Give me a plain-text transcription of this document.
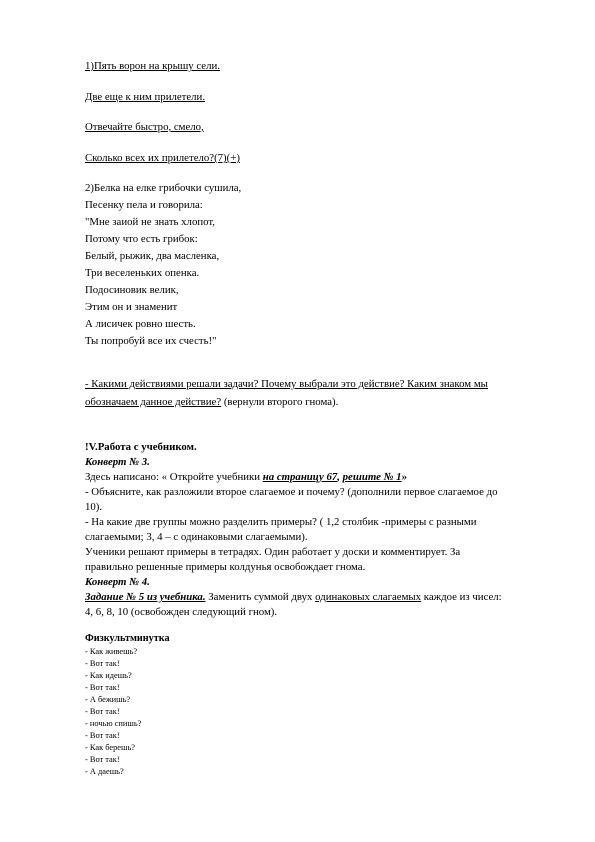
1)Пять ворон на крышу сели.
Две еще к ним прилетели.
Отвечайте быстро, смело,
Сколько всех их прилетело?(7)(+)
2)Белка на елке грибочки сушила,
Песенку пела и говорила:
"Мне заиой не знать хлопот,
Потому что есть грибок:
Белый, рыжик, два масленка,
Три веселеньких опенка.
Подосиновик велик,
Этим он и знаменит
А лисичек ровно шесть.
Ты попробуй все их счесть!"
- Какими действиями решали задачи? Почему выбрали это действие? Каким знаком мы
обозначаем данное действие? (вернули второго гнома).
!V.Работа с учебником.
Конверт № 3.
Здесь написано: « Откройте учебники на страницу 67, решите № 1»
- Объясните, как разложили второе слагаемое и почему? (дополнили первое слагаемое до
10).
- На какие две группы можно разделить примеры? ( 1,2 столбик -примеры с разными
слагаемыми; 3, 4 – с одинаковыми слагаемыми).
Ученики решают примеры в тетрадях. Один работает у доски и комментирует. За
правильно решенные примеры колдунья освобождает гнома.
Конверт № 4.
Задание № 5 из учебника. Заменить суммой двух одинаковых слагаемых каждое из чисел:
4, 6, 8, 10 (освобожден следующий гном).
Физкультминутка
- Как живешь?
- Вот так!
- Как идешь?
- Вот так!
- А бежишь?
- Вот так!
- ночью спишь?
- Вот так!
- Как берешь?
- Вот так!
- А даешь?
